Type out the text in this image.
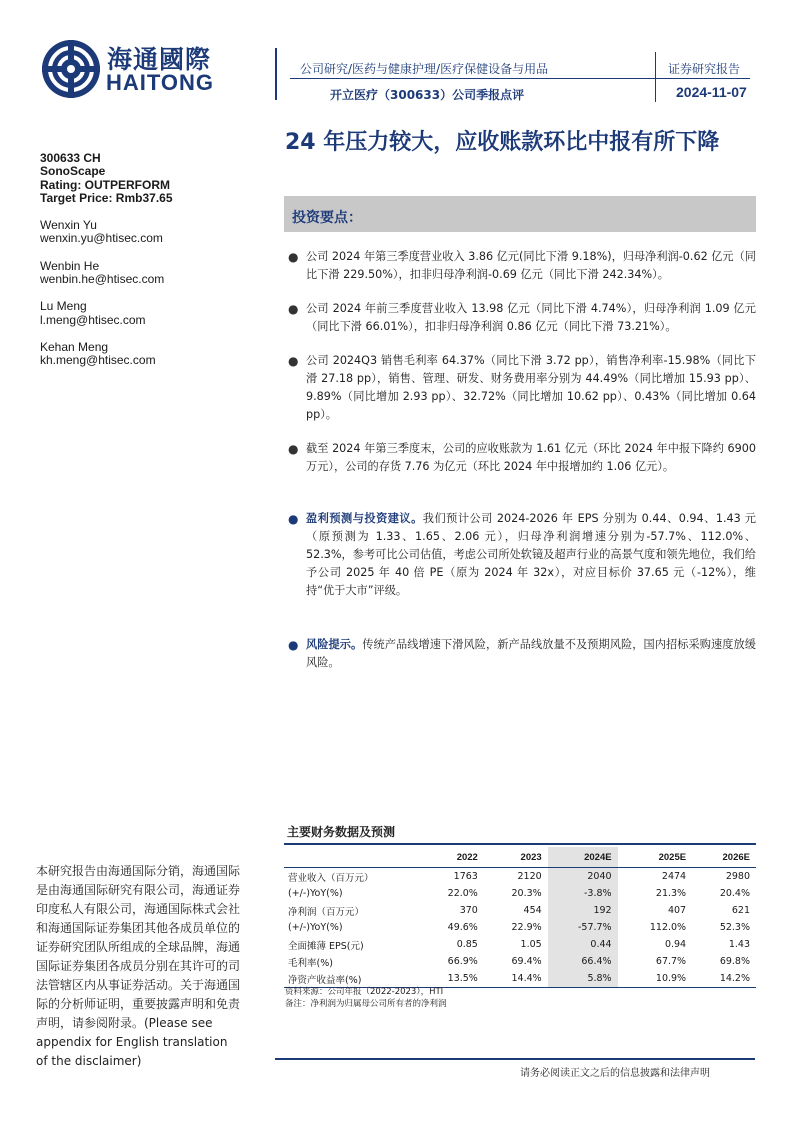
海通國際
HAITONG
公司研究/医药与健康护理/医疗保健设备与用品
开立医疗（300633）公司季报点评
证券研究报告
2024-11-07
300633 CH
SonoScape
Rating: OUTPERFORM
Target Price: Rmb37.65
Wenxin Yu
wenxin.yu@htisec.com
Wenbin He
wenbin.he@htisec.com
Lu Meng
l.meng@htisec.com
Kehan Meng
kh.meng@htisec.com
24 年压力较大，应收账款环比中报有所下降
投资要点：
● 公司 2024 年第三季度营业收入 3.86 亿元(同比下滑 9.18%)，归母净利润-0.62 亿元（同比下滑 229.50%），扣非归母净利润-0.69 亿元（同比下滑 242.34%）。
● 公司 2024 年前三季度营业收入 13.98 亿元（同比下滑 4.74%），归母净利润 1.09 亿元（同比下滑 66.01%），扣非归母净利润 0.86 亿元（同比下滑 73.21%）。
● 公司 2024Q3 销售毛利率 64.37%（同比下滑 3.72 pp），销售净利率-15.98%（同比下滑 27.18 pp），销售、管理、研发、财务费用率分别为 44.49%（同比增加 15.93 pp）、9.89%（同比增加 2.93 pp）、32.72%（同比增加 10.62 pp）、0.43%（同比增加 0.64 pp）。
● 截至 2024 年第三季度末，公司的应收账款为 1.61 亿元（环比 2024 年中报下降约 6900 万元），公司的存货 7.76 为亿元（环比 2024 年中报增加约 1.06 亿元）。
● 盈利预测与投资建议。我们预计公司 2024-2026 年 EPS 分别为 0.44、0.94、1.43 元（原预测为 1.33、1.65、2.06 元），归母净利润增速分别为-57.7%、112.0%、52.3%，参考可比公司估值，考虑公司所处软镜及超声行业的高景气度和领先地位，我们给予公司 2025 年 40 倍 PE（原为 2024 年 32x），对应目标价 37.65 元（-12%），维持“优于大市”评级。
● 风险提示。传统产品线增速下滑风险，新产品线放量不及预期风险，国内招标采购速度放缓风险。
本研究报告由海通国际分销，海通国际是由海通国际研究有限公司，海通证券印度私人有限公司，海通国际株式会社和海通国际证券集团其他各成员单位的证券研究团队所组成的全球品牌，海通国际证券集团各成员分别在其许可的司法管辖区内从事证券活动。关于海通国际的分析师证明，重要披露声明和免责声明，请参阅附录。(Please see appendix for English translation of the disclaimer)
主要财务数据及预测
	2022	2023	2024E	2025E	2026E
营业收入（百万元）	1763	2120	2040	2474	2980
(+/-)YoY(%)	22.0%	20.3%	-3.8%	21.3%	20.4%
净利润（百万元）	370	454	192	407	621
(+/-)YoY(%)	49.6%	22.9%	-57.7%	112.0%	52.3%
全面摊薄 EPS(元)	0.85	1.05	0.44	0.94	1.43
毛利率(%)	66.9%	69.4%	66.4%	67.7%	69.8%
净资产收益率(%)	13.5%	14.4%	5.8%	10.9%	14.2%
资料来源：公司年报（2022-2023），HTI
备注：净利润为归属母公司所有者的净利润
请务必阅读正文之后的信息披露和法律声明
